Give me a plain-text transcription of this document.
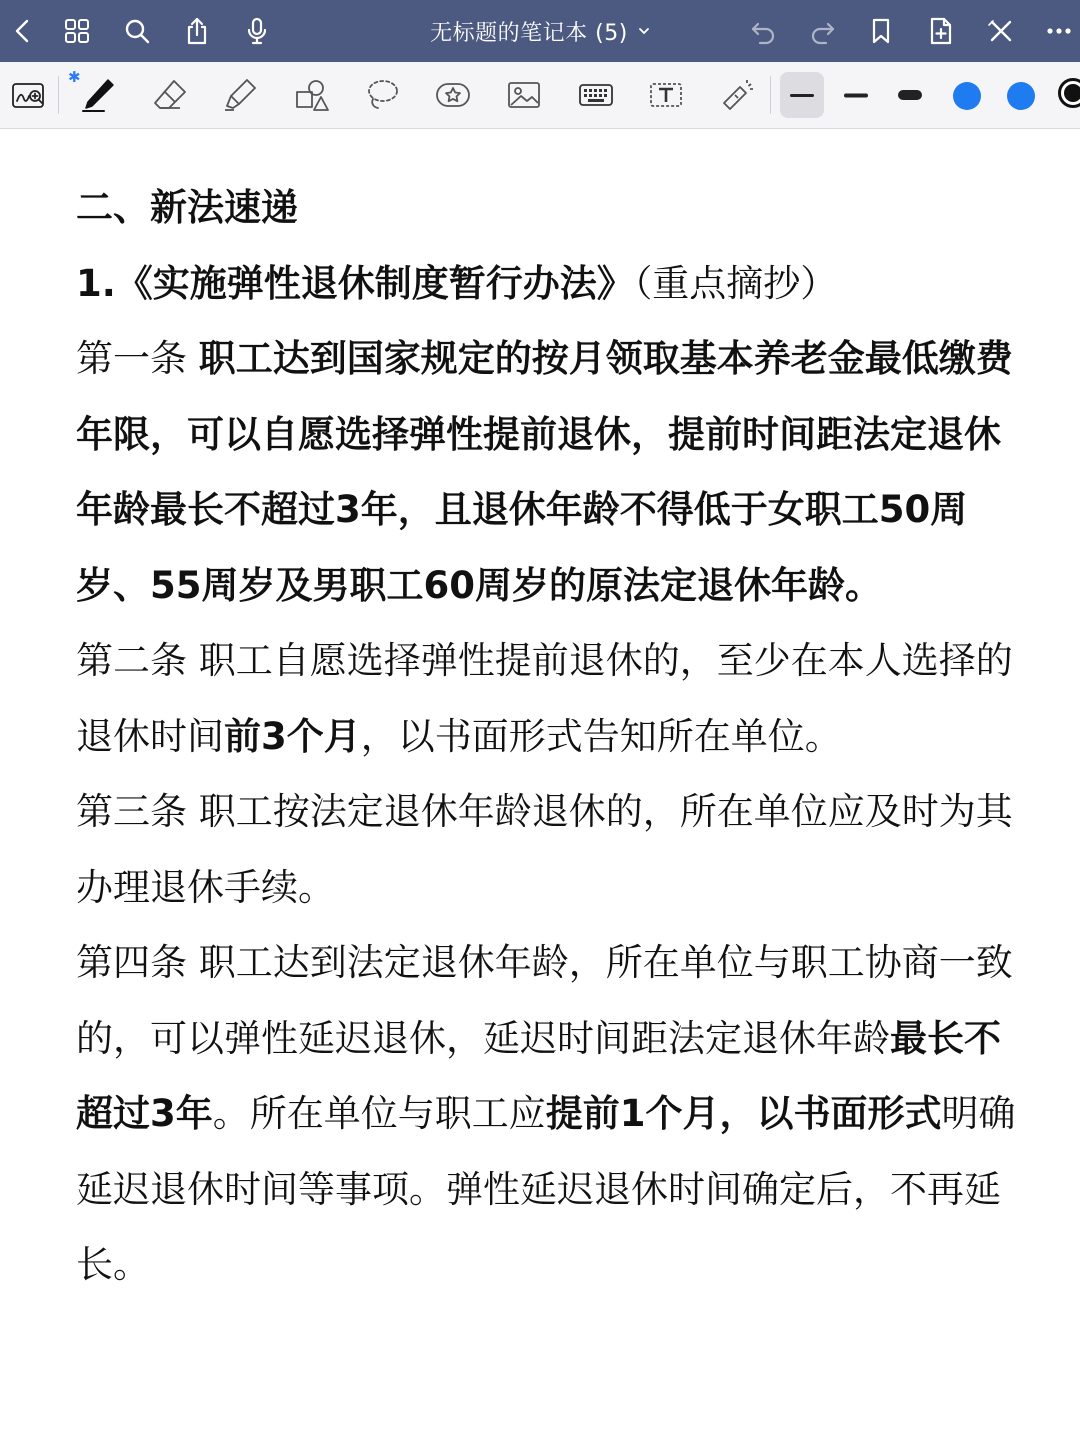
无标题的笔记本 (5)
✱

二、新法速递

1.《实施弹性退休制度暂行办法》（重点摘抄）

第一条 职工达到国家规定的按月领取基本养老金最低缴费年限，可以自愿选择弹性提前退休，提前时间距法定退休年龄最长不超过3年，且退休年龄不得低于女职工50周岁、55周岁及男职工60周岁的原法定退休年龄。

第二条 职工自愿选择弹性提前退休的，至少在本人选择的退休时间前3个月，以书面形式告知所在单位。

第三条 职工按法定退休年龄退休的，所在单位应及时为其办理退休手续。

第四条 职工达到法定退休年龄，所在单位与职工协商一致的，可以弹性延迟退休，延迟时间距法定退休年龄最长不超过3年。所在单位与职工应提前1个月，以书面形式明确延迟退休时间等事项。弹性延迟退休时间确定后，不再延长。
